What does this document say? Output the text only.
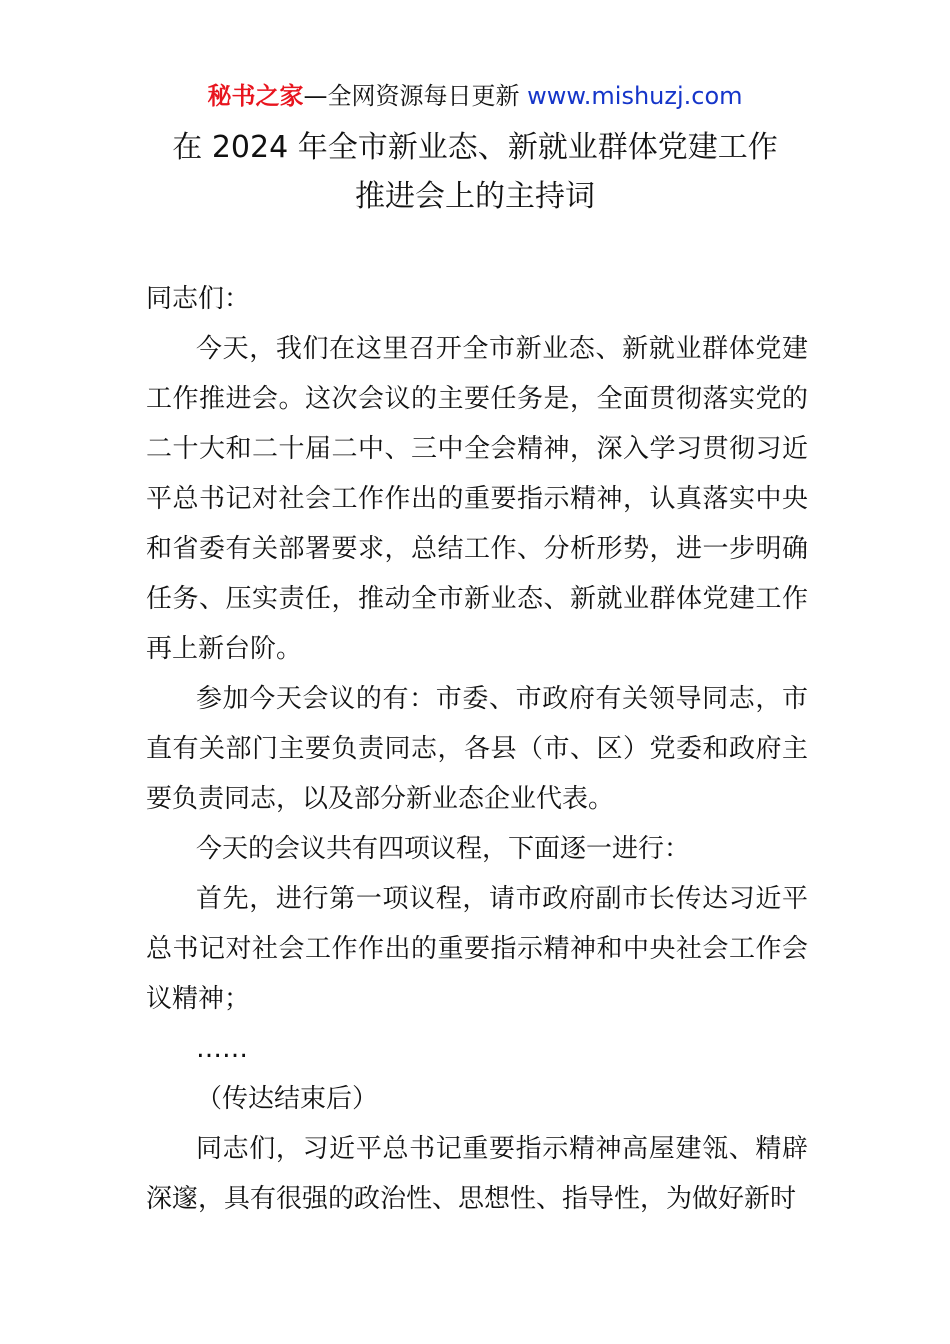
秘书之家—全网资源每日更新 www.mishuzj.com
在 2024 年全市新业态、新就业群体党建工作
推进会上的主持词

同志们：

今天，我们在这里召开全市新业态、新就业群体党建工作推进会。这次会议的主要任务是，全面贯彻落实党的二十大和二十届二中、三中全会精神，深入学习贯彻习近平总书记对社会工作作出的重要指示精神，认真落实中央和省委有关部署要求，总结工作、分析形势，进一步明确任务、压实责任，推动全市新业态、新就业群体党建工作再上新台阶。

参加今天会议的有：市委、市政府有关领导同志，市直有关部门主要负责同志，各县（市、区）党委和政府主要负责同志，以及部分新业态企业代表。

今天的会议共有四项议程，下面逐一进行：

首先，进行第一项议程，请市政府副市长传达习近平总书记对社会工作作出的重要指示精神和中央社会工作会议精神；

……

（传达结束后）

同志们，习近平总书记重要指示精神高屋建瓴、精辟深邃，具有很强的政治性、思想性、指导性，为做好新时
